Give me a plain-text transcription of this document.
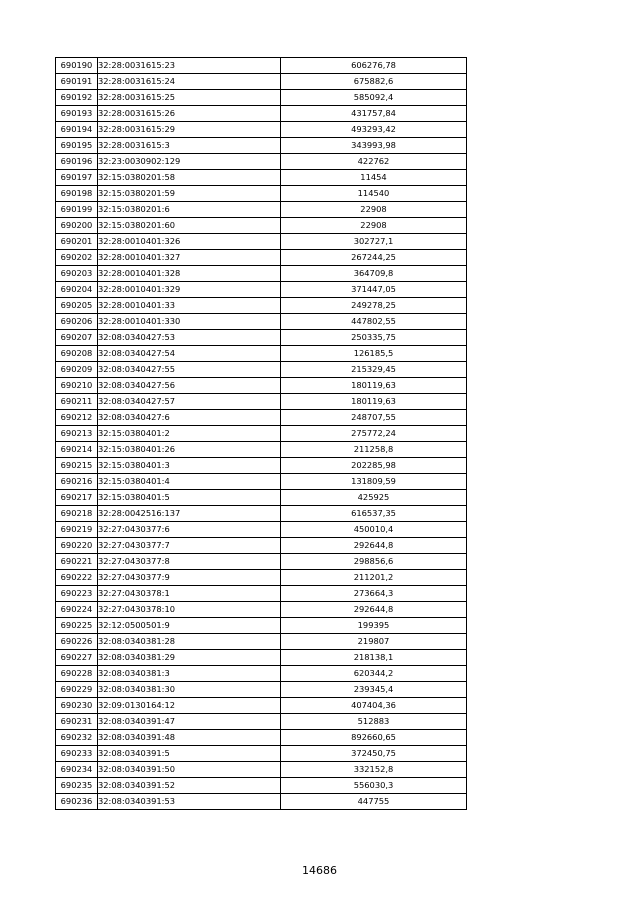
690190	32:28:0031615:23	606276,78
690191	32:28:0031615:24	675882,6
690192	32:28:0031615:25	585092,4
690193	32:28:0031615:26	431757,84
690194	32:28:0031615:29	493293,42
690195	32:28:0031615:3	343993,98
690196	32:23:0030902:129	422762
690197	32:15:0380201:58	11454
690198	32:15:0380201:59	114540
690199	32:15:0380201:6	22908
690200	32:15:0380201:60	22908
690201	32:28:0010401:326	302727,1
690202	32:28:0010401:327	267244,25
690203	32:28:0010401:328	364709,8
690204	32:28:0010401:329	371447,05
690205	32:28:0010401:33	249278,25
690206	32:28:0010401:330	447802,55
690207	32:08:0340427:53	250335,75
690208	32:08:0340427:54	126185,5
690209	32:08:0340427:55	215329,45
690210	32:08:0340427:56	180119,63
690211	32:08:0340427:57	180119,63
690212	32:08:0340427:6	248707,55
690213	32:15:0380401:2	275772,24
690214	32:15:0380401:26	211258,8
690215	32:15:0380401:3	202285,98
690216	32:15:0380401:4	131809,59
690217	32:15:0380401:5	425925
690218	32:28:0042516:137	616537,35
690219	32:27:0430377:6	450010,4
690220	32:27:0430377:7	292644,8
690221	32:27:0430377:8	298856,6
690222	32:27:0430377:9	211201,2
690223	32:27:0430378:1	273664,3
690224	32:27:0430378:10	292644,8
690225	32:12:0500501:9	199395
690226	32:08:0340381:28	219807
690227	32:08:0340381:29	218138,1
690228	32:08:0340381:3	620344,2
690229	32:08:0340381:30	239345,4
690230	32:09:0130164:12	407404,36
690231	32:08:0340391:47	512883
690232	32:08:0340391:48	892660,65
690233	32:08:0340391:5	372450,75
690234	32:08:0340391:50	332152,8
690235	32:08:0340391:52	556030,3
690236	32:08:0340391:53	447755
14686
